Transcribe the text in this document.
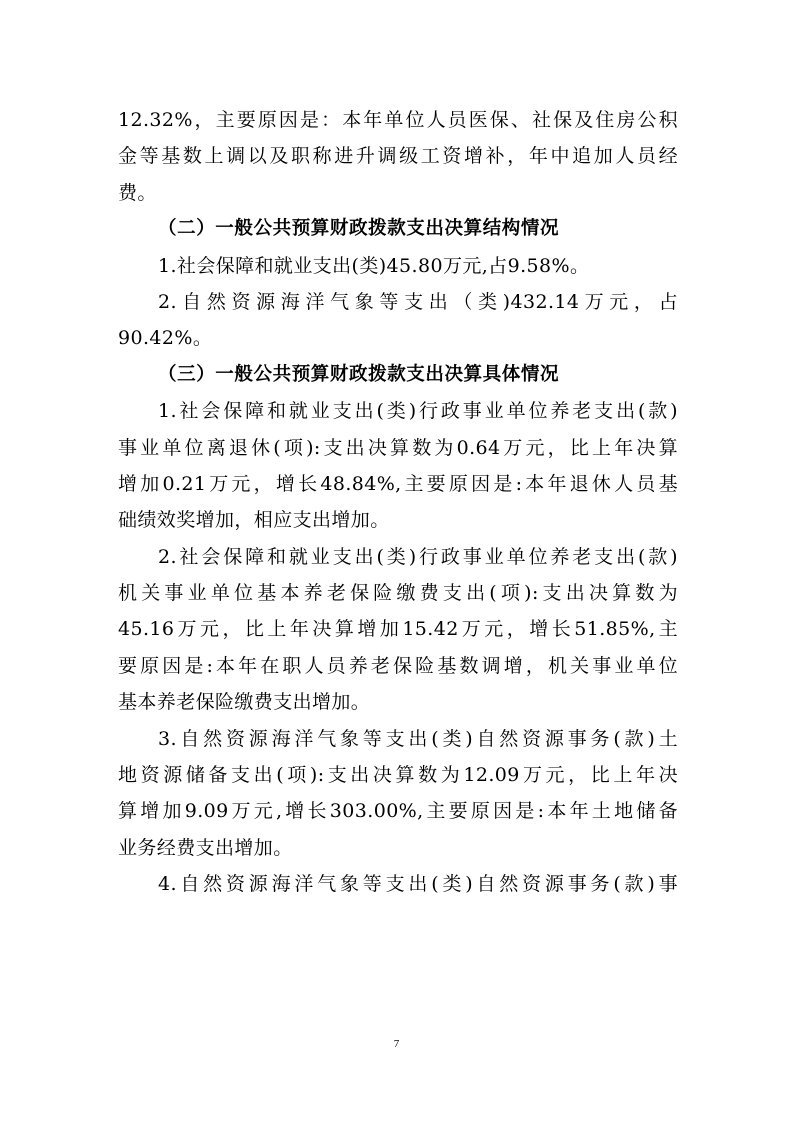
12.32%，主要原因是：本年单位人员医保、社保及住房公积
金等基数上调以及职称进升调级工资增补，年中追加人员经
费。
（二）一般公共预算财政拨款支出决算结构情况
1.社会保障和就业支出(类)45.80万元,占9.58%。
2.自然资源海洋气象等支出（类)432.14万元，占
90.42%。
（三）一般公共预算财政拨款支出决算具体情况
1.社会保障和就业支出(类)行政事业单位养老支出(款)
事业单位离退休(项):支出决算数为0.64万元，比上年决算
增加0.21万元，增长48.84%,主要原因是:本年退休人员基
础绩效奖增加，相应支出增加。
2.社会保障和就业支出(类)行政事业单位养老支出(款)
机关事业单位基本养老保险缴费支出(项):支出决算数为
45.16万元，比上年决算增加15.42万元，增长51.85%,主
要原因是:本年在职人员养老保险基数调增，机关事业单位
基本养老保险缴费支出增加。
3.自然资源海洋气象等支出(类)自然资源事务(款)土
地资源储备支出(项):支出决算数为12.09万元，比上年决
算增加9.09万元,增长303.00%,主要原因是:本年土地储备
业务经费支出增加。
4.自然资源海洋气象等支出(类)自然资源事务(款)事
7
